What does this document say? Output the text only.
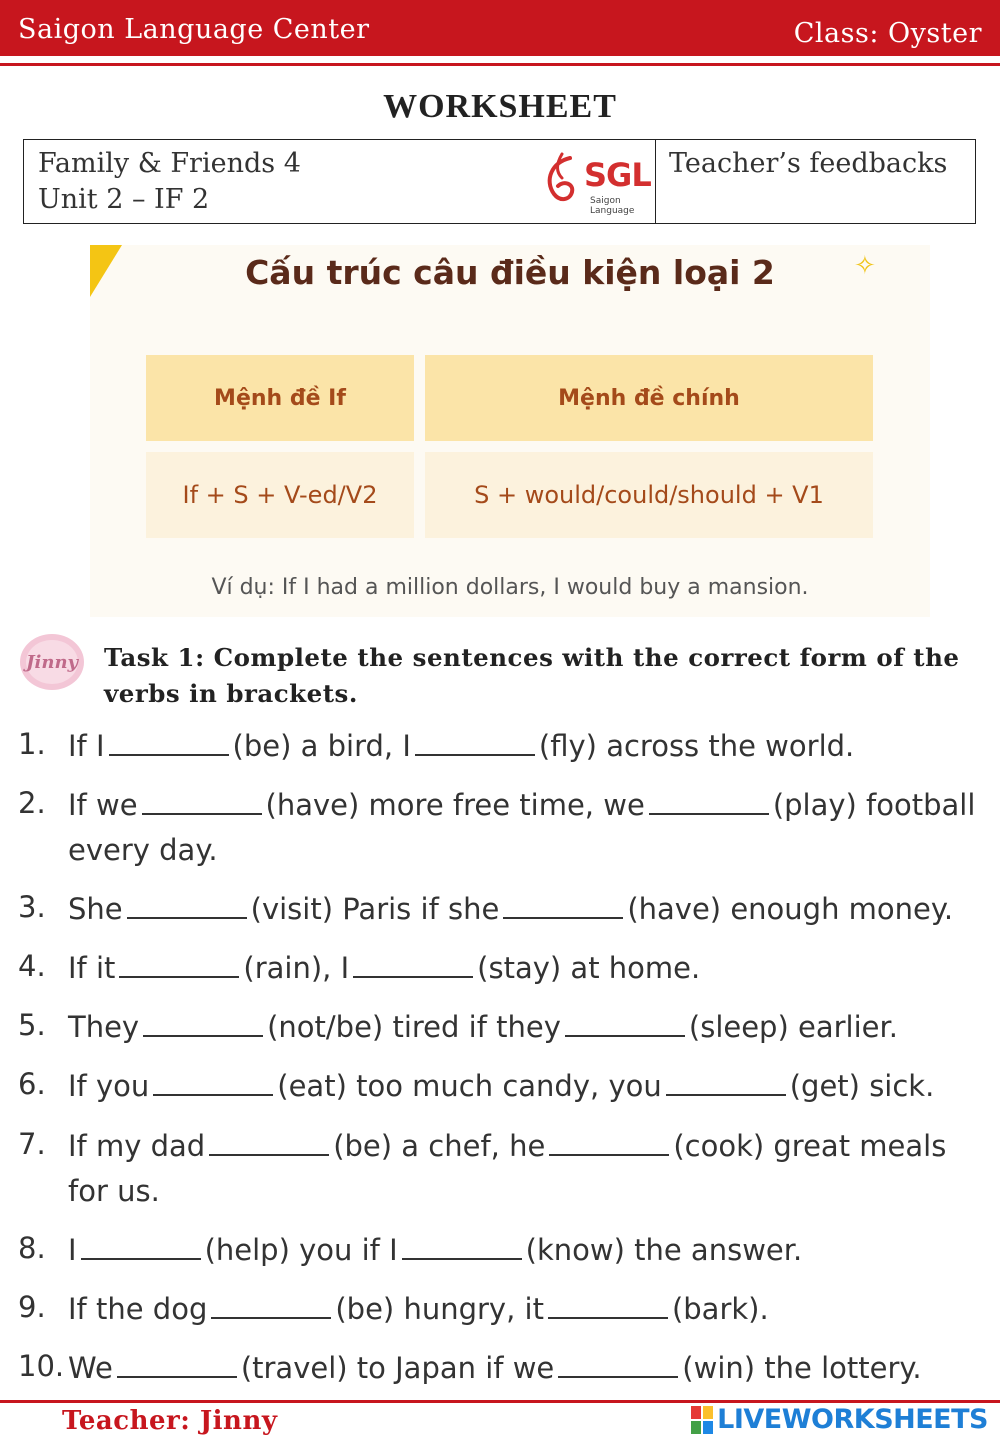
Saigon Language Center	Class: Oyster
WORKSHEET
Family & Friends 4
Unit 2 – IF 2
SGL
Saigon Language
Teacher’s feedbacks
Cấu trúc câu điều kiện loại 2	✧
Mệnh đề If	Mệnh đề chính
If + S + V-ed/V2	S + would/could/should + V1
Ví dụ: If I had a million dollars, I would buy a mansion.
Jinny Task 1: Complete the sentences with the correct form of the verbs in brackets.
1. If I	(be) a bird, I	(fly) across the world.
2. If we	(have) more free time, we	(play) football every day.
3. She	(visit) Paris if she	(have) enough money.
4. If it	(rain), I	(stay) at home.
5. They	(not/be) tired if they	(sleep) earlier.
6. If you	(eat) too much candy, you	(get) sick.
7. If my dad	(be) a chef, he	(cook) great meals for us.
8. I	(help) you if I	(know) the answer.
9. If the dog	(be) hungry, it	(bark).
10. We	(travel) to Japan if we	(win) the lottery.
Teacher: Jinny	LIVEWORKSHEETS
